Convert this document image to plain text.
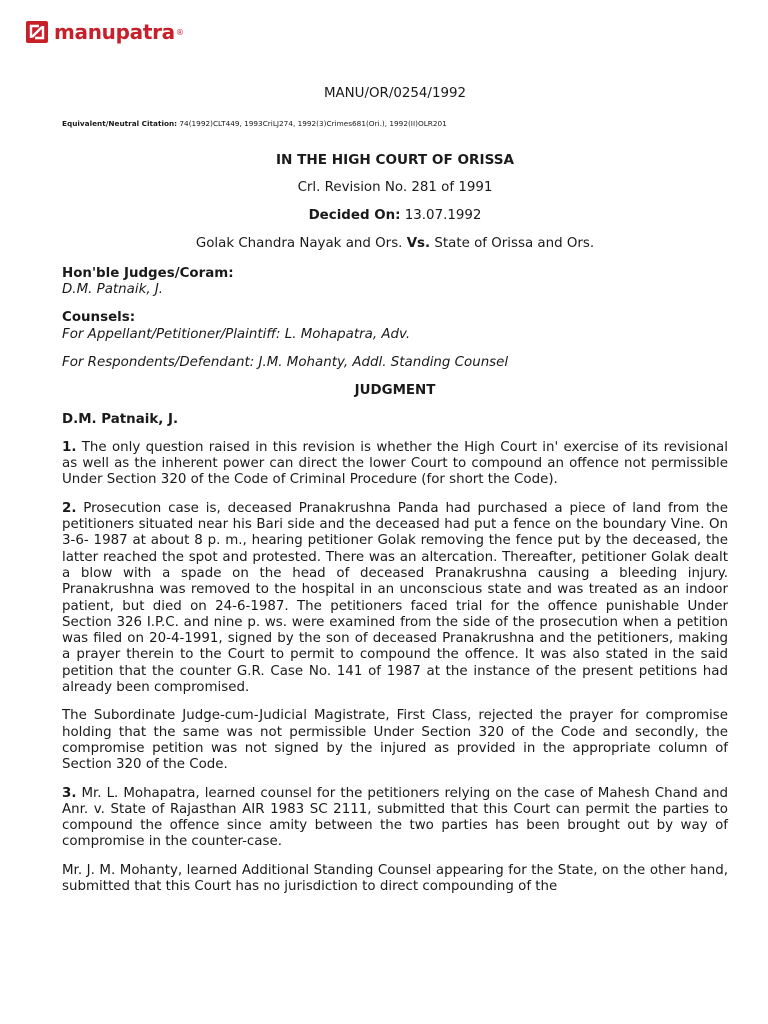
manupatra ®
MANU/OR/0254/1992
Equivalent/Neutral Citation: 74(1992)CLT449, 1993CriLJ274, 1992(3)Crimes681(Ori.), 1992(II)OLR201
IN THE HIGH COURT OF ORISSA
Crl. Revision No. 281 of 1991
Decided On: 13.07.1992
Golak Chandra Nayak and Ors. Vs. State of Orissa and Ors.
Hon'ble Judges/Coram:
D.M. Patnaik, J.
Counsels:
For Appellant/Petitioner/Plaintiff: L. Mohapatra, Adv.
For Respondents/Defendant: J.M. Mohanty, Addl. Standing Counsel
JUDGMENT
D.M. Patnaik, J.

1. The only question raised in this revision is whether the High Court in' exercise of its revisional as well as the inherent power can direct the lower Court to compound an offence not permissible Under Section 320 of the Code of Criminal Procedure (for short the Code).

2. Prosecution case is, deceased Pranakrushna Panda had purchased a piece of land from the petitioners situated near his Bari side and the deceased had put a fence on the boundary Vine. On 3-6- 1987 at about 8 p. m., hearing petitioner Golak removing the fence put by the deceased, the latter reached the spot and protested. There was an altercation. Thereafter, petitioner Golak dealt a blow with a spade on the head of deceased Pranakrushna causing a bleeding injury. Pranakrushna was removed to the hospital in an unconscious state and was treated as an indoor patient, but died on 24-6-1987. The petitioners faced trial for the offence punishable Under Section 326 I.P.C. and nine p. ws. were examined from the side of the prosecution when a petition was filed on 20-4-1991, signed by the son of deceased Pranakrushna and the petitioners, making a prayer therein to the Court to permit to compound the offence. It was also stated in the said petition that the counter G.R. Case No. 141 of 1987 at the instance of the present petitions had already been compromised.

The Subordinate Judge-cum-Judicial Magistrate, First Class, rejected the prayer for compromise holding that the same was not permissible Under Section 320 of the Code and secondly, the compromise petition was not signed by the injured as provided in the appropriate column of Section 320 of the Code.

3. Mr. L. Mohapatra, learned counsel for the petitioners relying on the case of Mahesh Chand and Anr. v. State of Rajasthan AIR 1983 SC 2111, submitted that this Court can permit the parties to compound the offence since amity between the two parties has been brought out by way of compromise in the counter-case.

Mr. J. M. Mohanty, learned Additional Standing Counsel appearing for the State, on the other hand, submitted that this Court has no jurisdiction to direct compounding of the
